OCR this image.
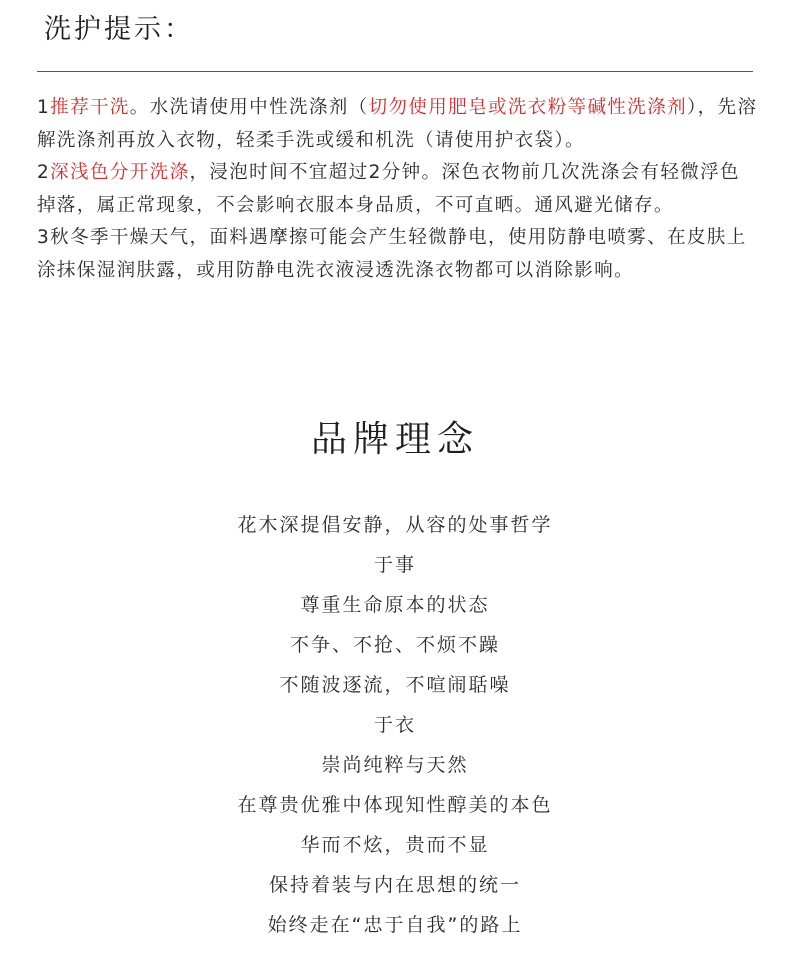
洗护提示：

1推荐干洗。水洗请使用中性洗涤剂（切勿使用肥皂或洗衣粉等碱性洗涤剂），先溶解洗涤剂再放入衣物，轻柔手洗或缓和机洗（请使用护衣袋）。

2深浅色分开洗涤，浸泡时间不宜超过2分钟。深色衣物前几次洗涤会有轻微浮色掉落，属正常现象，不会影响衣服本身品质，不可直晒。通风避光储存。

3秋冬季干燥天气，面料遇摩擦可能会产生轻微静电，使用防静电喷雾、在皮肤上涂抹保湿润肤露，或用防静电洗衣液浸透洗涤衣物都可以消除影响。

品牌理念
花木深提倡安静，从容的处事哲学
于事
尊重生命原本的状态
不争、不抢、不烦不躁
不随波逐流，不喧闹聒噪
于衣
崇尚纯粹与天然
在尊贵优雅中体现知性醇美的本色
华而不炫，贵而不显
保持着装与内在思想的统一
始终走在“忠于自我”的路上
